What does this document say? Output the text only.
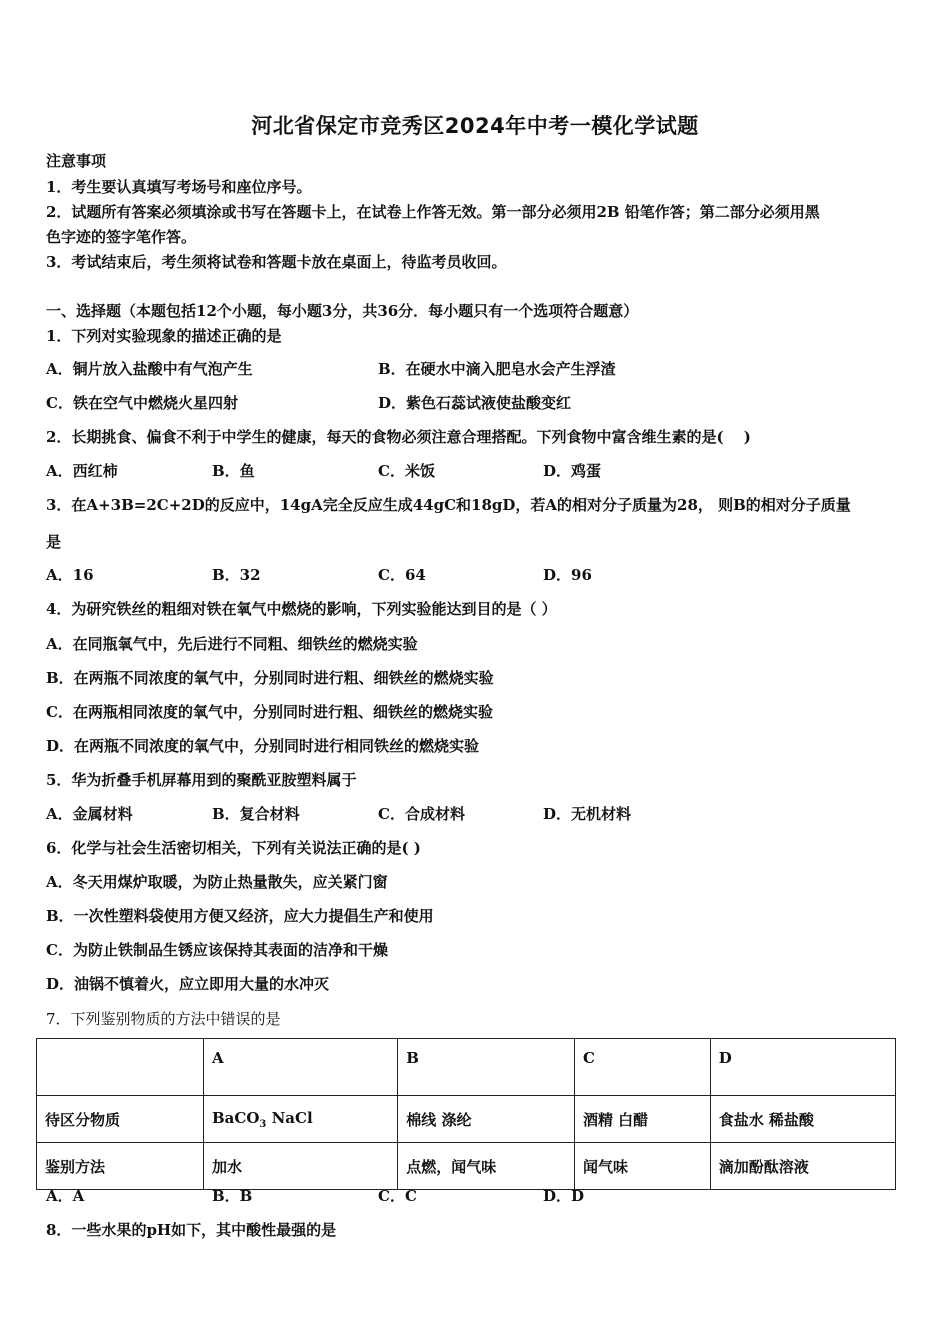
河北省保定市竞秀区2024年中考一模化学试题
注意事项
1．考生要认真填写考场号和座位序号。
2．试题所有答案必须填涂或书写在答题卡上，在试卷上作答无效。第一部分必须用2B 铅笔作答；第二部分必须用黑
色字迹的签字笔作答。
3．考试结束后，考生须将试卷和答题卡放在桌面上，待监考员收回。
一、选择题（本题包括12个小题，每小题3分，共36分．每小题只有一个选项符合题意）
1．下列对实验现象的描述正确的是
A．铜片放入盐酸中有气泡产生	B．在硬水中滴入肥皂水会产生浮渣
C．铁在空气中燃烧火星四射	D．紫色石蕊试液使盐酸变红
2．长期挑食、偏食不利于中学生的健康，每天的食物必须注意合理搭配。下列食物中富含维生素的是(　 )
A．西红柿	B．鱼	C．米饭	D．鸡蛋
3．在A+3B=2C+2D的反应中，14gA完全反应生成44gC和18gD，若A的相对分子质量为28， 则B的相对分子质量
是
A．16	B．32	C．64	D．96
4．为研究铁丝的粗细对铁在氧气中燃烧的影响，下列实验能达到目的是（ ）
A．在同瓶氧气中，先后进行不同粗、细铁丝的燃烧实验
B．在两瓶不同浓度的氧气中，分别同时进行粗、细铁丝的燃烧实验
C．在两瓶相同浓度的氧气中，分别同时进行粗、细铁丝的燃烧实验
D．在两瓶不同浓度的氧气中，分别同时进行相同铁丝的燃烧实验
5．华为折叠手机屏幕用到的聚酰亚胺塑料属于
A．金属材料	B．复合材料	C．合成材料	D．无机材料
6．化学与社会生活密切相关，下列有关说法正确的是( )
A．冬天用煤炉取暖，为防止热量散失，应关紧门窗
B．一次性塑料袋使用方便又经济，应大力提倡生产和使用
C．为防止铁制品生锈应该保持其表面的洁净和干燥
D．油锅不慎着火，应立即用大量的水冲灭
7．下列鉴别物质的方法中错误的是
	A	B	C	D
待区分物质	BaCO$_3$ NaCl	棉线 涤纶	酒精 白醋	食盐水 稀盐酸
鉴别方法	加水	点燃，闻气味	闻气味	滴加酚酞溶液
A．A	B．B	C．C	D．D
8．一些水果的pH如下，其中酸性最强的是
